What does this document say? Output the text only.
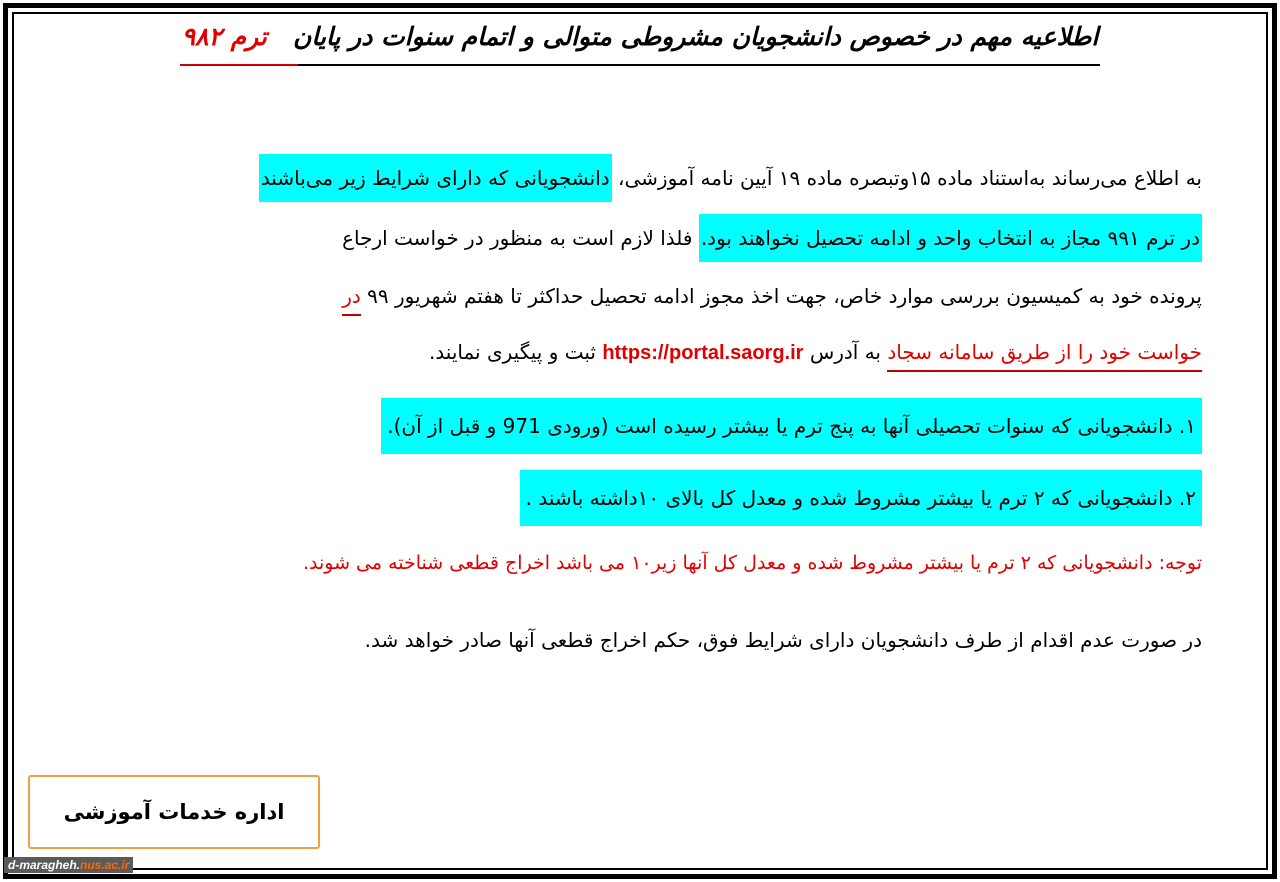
اطلاعیه مهم در خصوص دانشجویان مشروطی متوالی و اتمام سنوات در پایان   ترم ۹۸۲
به اطلاع می‌رساند به‌استناد ماده ۱۵وتبصره ماده ۱۹ آیین نامه آموزشی، دانشجویانی که دارای شرایط زیر می‌باشند
در ترم ۹۹۱ مجاز به انتخاب واحد و ادامه تحصیل نخواهند بود. فلذا لازم است به منظور در خواست ارجاع
پرونده خود به کمیسیون بررسی موارد خاص، جهت اخذ مجوز ادامه تحصیل حداکثر تا هفتم شهریور ۹۹ در
خواست خود را از طریق سامانه سجاد به آدرس https://portal.saorg.ir ثبت و پیگیری نمایند.
۱. دانشجویانی که سنوات تحصیلی آنها به پنج ترم یا بیشتر رسیده است (ورودی 971 و قبل از آن).
۲. دانشجویانی که ۲ ترم یا بیشتر مشروط شده و معدل کل بالای ۱۰داشته باشند .
توجه: دانشجویانی که ۲ ترم یا بیشتر مشروط شده و معدل کل آنها زیر۱۰ می باشد اخراج قطعی شناخته می شوند.
در صورت عدم اقدام از طرف دانشجویان دارای شرایط فوق، حکم اخراج قطعی آنها صادر خواهد شد.
اداره خدمات آموزشی
d-maragheh.nus.ac.ir
